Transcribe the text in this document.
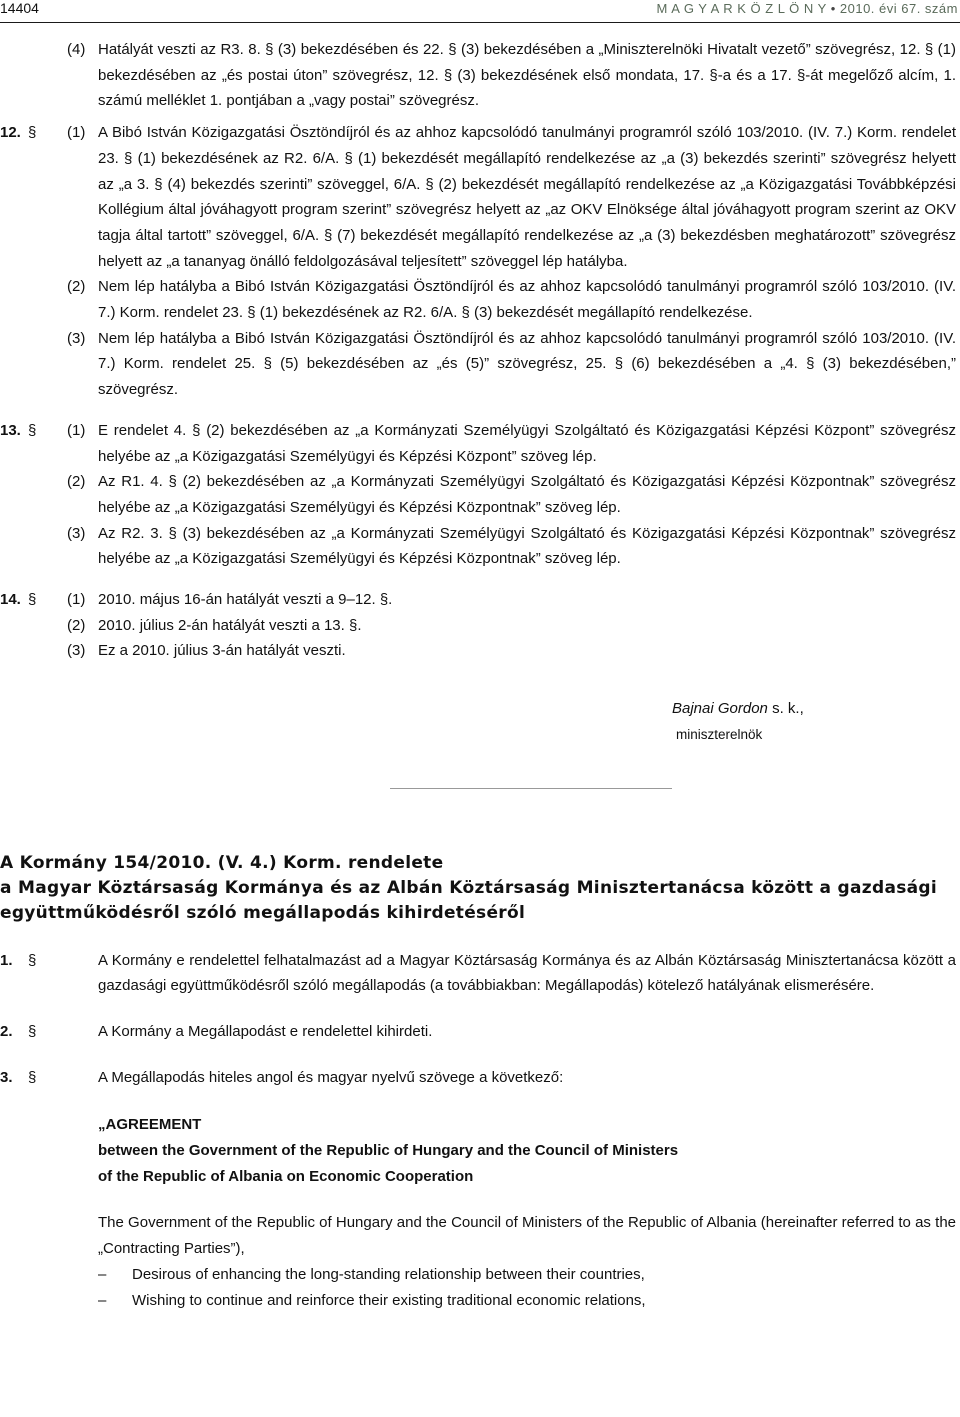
14404	M A G Y A R K Ö Z L Ö N Y • 2010. évi 67. szám
(4) Hatályát veszti az R3. 8. § (3) bekezdésében és 22. § (3) bekezdésében a „Miniszterelnöki Hivatalt vezető” szövegrész, 12. § (1) bekezdésében az „és postai úton” szövegrész, 12. § (3) bekezdésének első mondata, 17. §-a és a 17. §-át megelőző alcím, 1. számú melléklet 1. pontjában a „vagy postai” szövegrész.
12. § (1) A Bibó István Közigazgatási Ösztöndíjról és az ahhoz kapcsolódó tanulmányi programról szóló 103/2010. (IV. 7.) Korm. rendelet 23. § (1) bekezdésének az R2. 6/A. § (1) bekezdését megállapító rendelkezése az „a (3) bekezdés szerinti” szövegrész helyett az „a 3. § (4) bekezdés szerinti” szöveggel, 6/A. § (2) bekezdését megállapító rendelkezése az „a Közigazgatási Továbbképzési Kollégium által jóváhagyott program szerint” szövegrész helyett az „az OKV Elnöksége által jóváhagyott program szerint az OKV tagja által tartott” szöveggel, 6/A. § (7) bekezdését megállapító rendelkezése az „a (3) bekezdésben meghatározott” szövegrész helyett az „a tananyag önálló feldolgozásával teljesített” szöveggel lép hatályba.
(2) Nem lép hatályba a Bibó István Közigazgatási Ösztöndíjról és az ahhoz kapcsolódó tanulmányi programról szóló 103/2010. (IV. 7.) Korm. rendelet 23. § (1) bekezdésének az R2. 6/A. § (3) bekezdését megállapító rendelkezése.
(3) Nem lép hatályba a Bibó István Közigazgatási Ösztöndíjról és az ahhoz kapcsolódó tanulmányi programról szóló 103/2010. (IV. 7.) Korm. rendelet 25. § (5) bekezdésében az „és (5)” szövegrész, 25. § (6) bekezdésében a „4. § (3) bekezdésében,” szövegrész.
13. § (1) E rendelet 4. § (2) bekezdésében az „a Kormányzati Személyügyi Szolgáltató és Közigazgatási Képzési Központ” szövegrész helyébe az „a Közigazgatási Személyügyi és Képzési Központ” szöveg lép.
(2) Az R1. 4. § (2) bekezdésében az „a Kormányzati Személyügyi Szolgáltató és Közigazgatási Képzési Központnak” szövegrész helyébe az „a Közigazgatási Személyügyi és Képzési Központnak” szöveg lép.
(3) Az R2. 3. § (3) bekezdésében az „a Kormányzati Személyügyi Szolgáltató és Közigazgatási Képzési Központnak” szövegrész helyébe az „a Közigazgatási Személyügyi és Képzési Központnak” szöveg lép.
14. § (1) 2010. május 16-án hatályát veszti a 9–12. §.
(2) 2010. július 2-án hatályát veszti a 13. §.
(3) Ez a 2010. július 3-án hatályát veszti.
Bajnai Gordon s. k.,
miniszterelnök
A Kormány 154/2010. (V. 4.) Korm. rendelete
a Magyar Köztársaság Kormánya és az Albán Köztársaság Minisztertanácsa között a gazdasági
együttműködésről szóló megállapodás kihirdetéséről
1. §	A Kormány e rendelettel felhatalmazást ad a Magyar Köztársaság Kormánya és az Albán Köztársaság Minisztertanácsa között a gazdasági együttműködésről szóló megállapodás (a továbbiakban: Megállapodás) kötelező hatályának elismerésére.
2. §	A Kormány a Megállapodást e rendelettel kihirdeti.
3. §	A Megállapodás hiteles angol és magyar nyelvű szövege a következő:
„AGREEMENT
between the Government of the Republic of Hungary and the Council of Ministers
of the Republic of Albania on Economic Cooperation
The Government of the Republic of Hungary and the Council of Ministers of the Republic of Albania (hereinafter referred to as the „Contracting Parties”),
– Desirous of enhancing the long-standing relationship between their countries,
– Wishing to continue and reinforce their existing traditional economic relations,
